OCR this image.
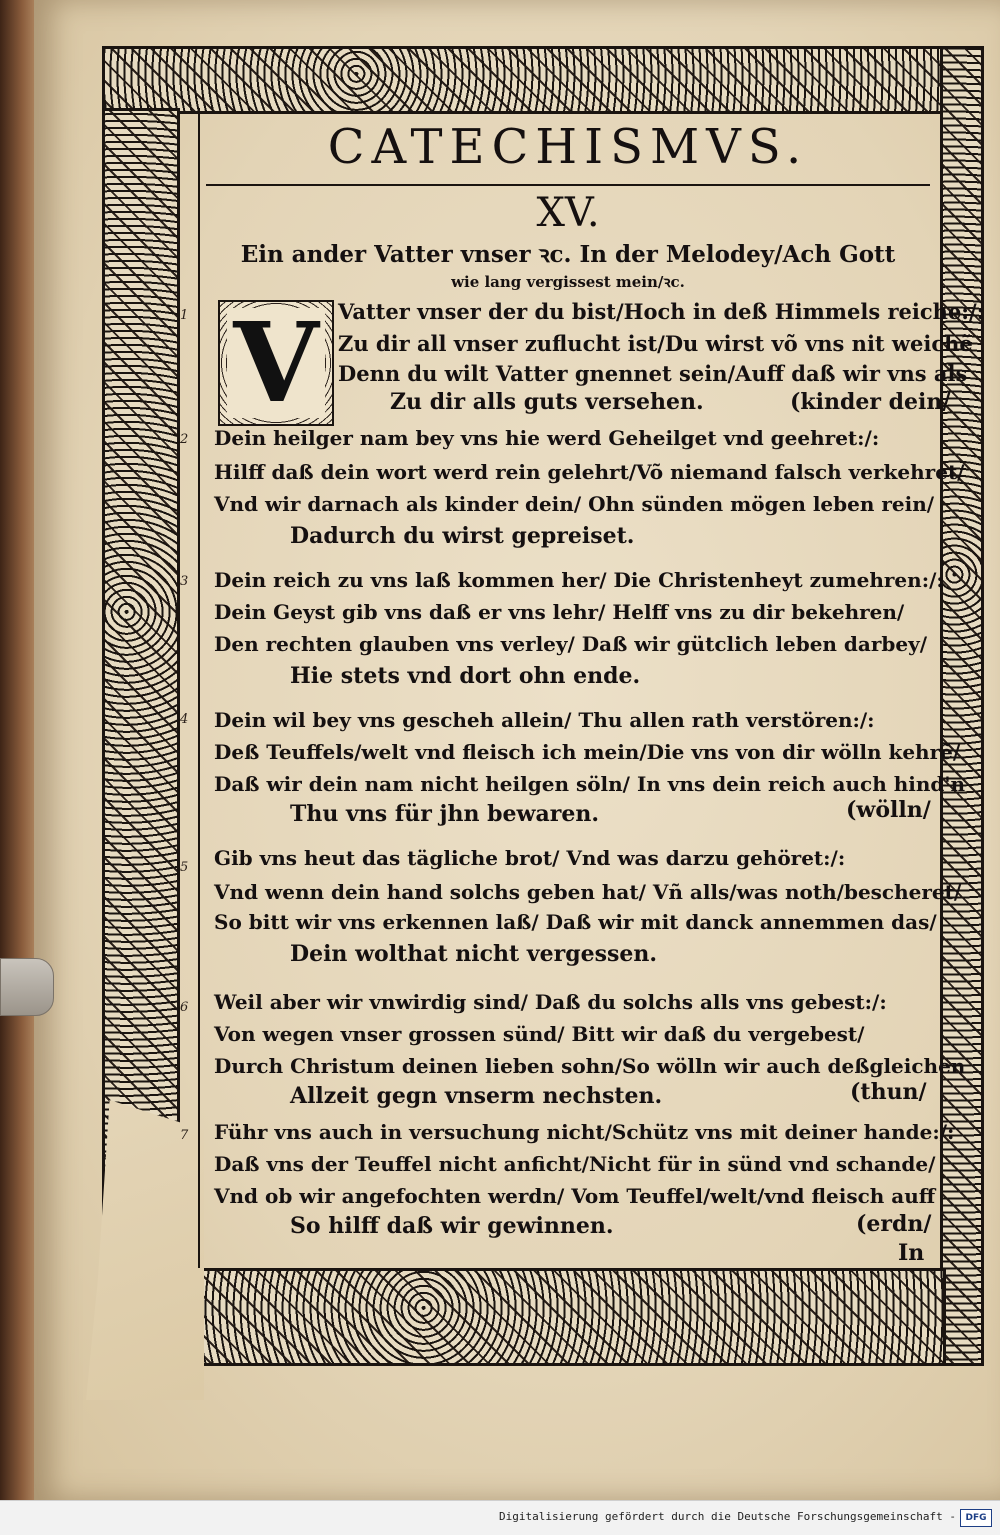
CATECHISMVS.
XV.
Ein ander Vatter vnser ꝛc. In der Melodey/Ach Gott
wie lang vergissest mein/ꝛc.
V
1	Vatter vnser der du bist/Hoch in deß Himmels reiche:/:
Zu dir all vnser zuflucht ist/Du wirst võ vns nit weichẽ
Denn du wilt Vatter gnennet sein/Auff daß wir vns als
Zu dir alls guts versehen.	(kinder dein/
2 Dein heilger nam bey vns hie werd Geheilget vnd geehret:/:
Hilff daß dein wort werd rein gelehrt/Võ niemand falsch verkehret/
Vnd wir darnach als kinder dein/ Ohn sünden mögen leben rein/
Dadurch du wirst gepreiset.
3 Dein reich zu vns laß kommen her/ Die Christenheyt zumehren:/:
Dein Geyst gib vns daß er vns lehr/ Helff vns zu dir bekehren/
Den rechten glauben vns verley/ Daß wir gütclich leben darbey/
Hie stets vnd dort ohn ende.
4 Dein wil bey vns gescheh allein/ Thu allen rath verstören:/:
Deß Teuffels/welt vnd fleisch ich mein/Die vns von dir wölln kehrẽ/
Daß wir dein nam nicht heilgen söln/ In vns dein reich auch hind'n
Thu vns für jhn bewaren.	(wölln/
5 Gib vns heut das tägliche brot/ Vnd was darzu gehöret:/:
Vnd wenn dein hand solchs geben hat/ Vñ alls/was noth/bescheret/
So bitt wir vns erkennen laß/ Daß wir mit danck annemmen das/
Dein wolthat nicht vergessen.
6 Weil aber wir vnwirdig sind/ Daß du solchs alls vns gebest:/:
Von wegen vnser grossen sünd/ Bitt wir daß du vergebest/
Durch Christum deinen lieben sohn/So wölln wir auch deßgleichen
Allzeit gegn vnserm nechsten.	(thun/
7 Führ vns auch in versuchung nicht/Schütz vns mit deiner hande:/:
Daß vns der Teuffel nicht anficht/Nicht für in sünd vnd schande/
Vnd ob wir angefochten werdn/ Vom Teuffel/welt/vnd fleisch auff
So hilff daß wir gewinnen.	(erdn/
In
Digitalisierung gefördert durch die Deutsche Forschungsgemeinschaft -	DFG
